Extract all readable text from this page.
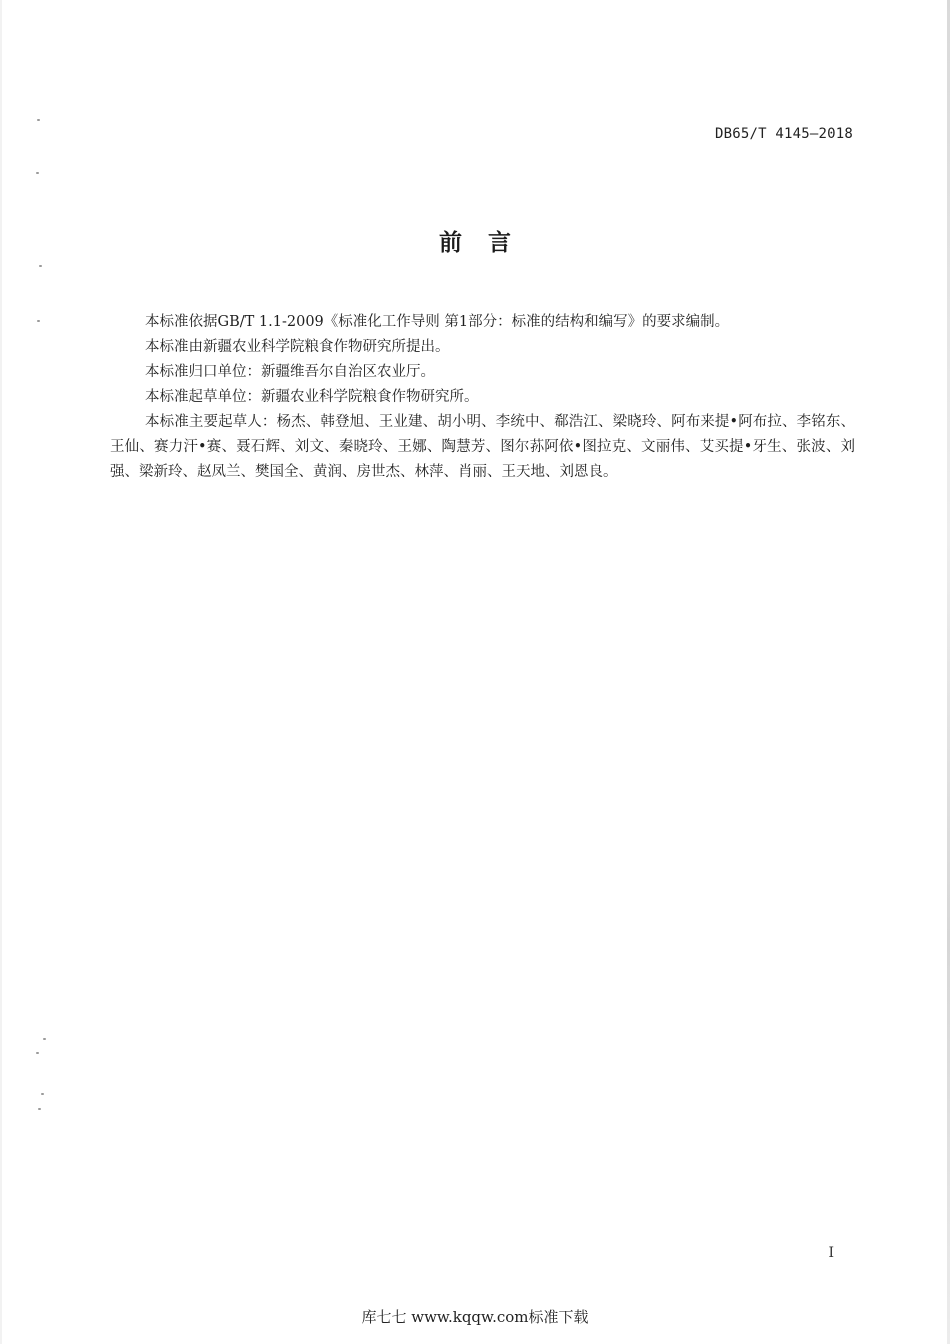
DB65/T 4145—2018
前言

本标准依据GB/T 1.1-2009《标准化工作导则 第1部分：标准的结构和编写》的要求编制。

本标准由新疆农业科学院粮食作物研究所提出。

本标准归口单位：新疆维吾尔自治区农业厅。

本标准起草单位：新疆农业科学院粮食作物研究所。

本标准主要起草人：杨杰、韩登旭、王业建、胡小明、李统中、郗浩江、梁晓玲、阿布来提•阿布拉、李铭东、王仙、赛力汗•赛、聂石辉、刘文、秦晓玲、王娜、陶慧芳、图尔荪阿依•图拉克、文丽伟、艾买提•牙生、张波、刘强、梁新玲、赵凤兰、樊国全、黄润、房世杰、林萍、肖丽、王天地、刘恩良。

I
库七七 www.kqqw.com标准下载
